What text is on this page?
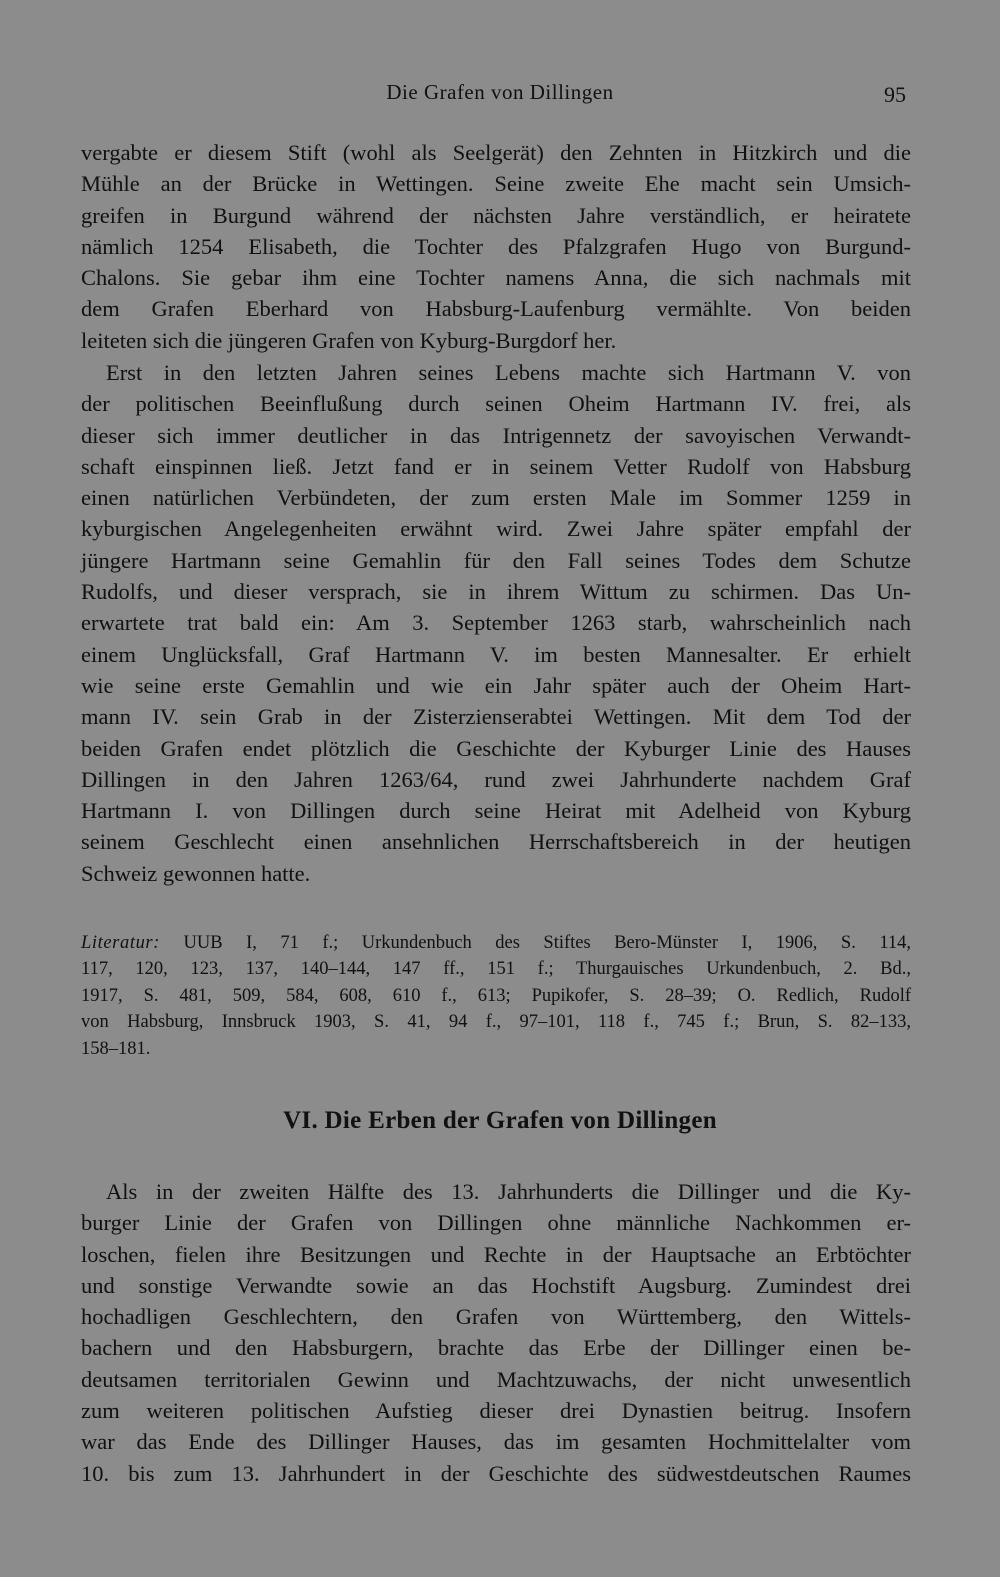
Die Grafen von Dillingen	95

vergabte er diesem Stift (wohl als Seelgerät) den Zehnten in Hitzkirch und die
Mühle an der Brücke in Wettingen. Seine zweite Ehe macht sein Umsich-
greifen in Burgund während der nächsten Jahre verständlich, er heiratete
nämlich 1254 Elisabeth, die Tochter des Pfalzgrafen Hugo von Burgund-
Chalons. Sie gebar ihm eine Tochter namens Anna, die sich nachmals mit
dem Grafen Eberhard von Habsburg-Laufenburg vermählte. Von beiden
leiteten sich die jüngeren Grafen von Kyburg-Burgdorf her.
Erst in den letzten Jahren seines Lebens machte sich Hartmann V. von
der politischen Beeinflußung durch seinen Oheim Hartmann IV. frei, als
dieser sich immer deutlicher in das Intrigennetz der savoyischen Verwandt-
schaft einspinnen ließ. Jetzt fand er in seinem Vetter Rudolf von Habsburg
einen natürlichen Verbündeten, der zum ersten Male im Sommer 1259 in
kyburgischen Angelegenheiten erwähnt wird. Zwei Jahre später empfahl der
jüngere Hartmann seine Gemahlin für den Fall seines Todes dem Schutze
Rudolfs, und dieser versprach, sie in ihrem Wittum zu schirmen. Das Un-
erwartete trat bald ein: Am 3. September 1263 starb, wahrscheinlich nach
einem Unglücksfall, Graf Hartmann V. im besten Mannesalter. Er erhielt
wie seine erste Gemahlin und wie ein Jahr später auch der Oheim Hart-
mann IV. sein Grab in der Zisterzienserabtei Wettingen. Mit dem Tod der
beiden Grafen endet plötzlich die Geschichte der Kyburger Linie des Hauses
Dillingen in den Jahren 1263/64, rund zwei Jahrhunderte nachdem Graf
Hartmann I. von Dillingen durch seine Heirat mit Adelheid von Kyburg
seinem Geschlecht einen ansehnlichen Herrschaftsbereich in der heutigen
Schweiz gewonnen hatte.
Literatur: UUB I, 71 f.; Urkundenbuch des Stiftes Bero-Münster I, 1906, S. 114,
117, 120, 123, 137, 140–144, 147 ff., 151 f.; Thurgauisches Urkundenbuch, 2. Bd.,
1917, S. 481, 509, 584, 608, 610 f., 613; Pupikofer, S. 28–39; O. Redlich, Rudolf
von Habsburg, Innsbruck 1903, S. 41, 94 f., 97–101, 118 f., 745 f.; Brun, S. 82–133,
158–181.
VI. Die Erben der Grafen von Dillingen
Als in der zweiten Hälfte des 13. Jahrhunderts die Dillinger und die Ky-
burger Linie der Grafen von Dillingen ohne männliche Nachkommen er-
loschen, fielen ihre Besitzungen und Rechte in der Hauptsache an Erbtöchter
und sonstige Verwandte sowie an das Hochstift Augsburg. Zumindest drei
hochadligen Geschlechtern, den Grafen von Württemberg, den Wittels-
bachern und den Habsburgern, brachte das Erbe der Dillinger einen be-
deutsamen territorialen Gewinn und Machtzuwachs, der nicht unwesentlich
zum weiteren politischen Aufstieg dieser drei Dynastien beitrug. Insofern
war das Ende des Dillinger Hauses, das im gesamten Hochmittelalter vom
10. bis zum 13. Jahrhundert in der Geschichte des südwestdeutschen Raumes
